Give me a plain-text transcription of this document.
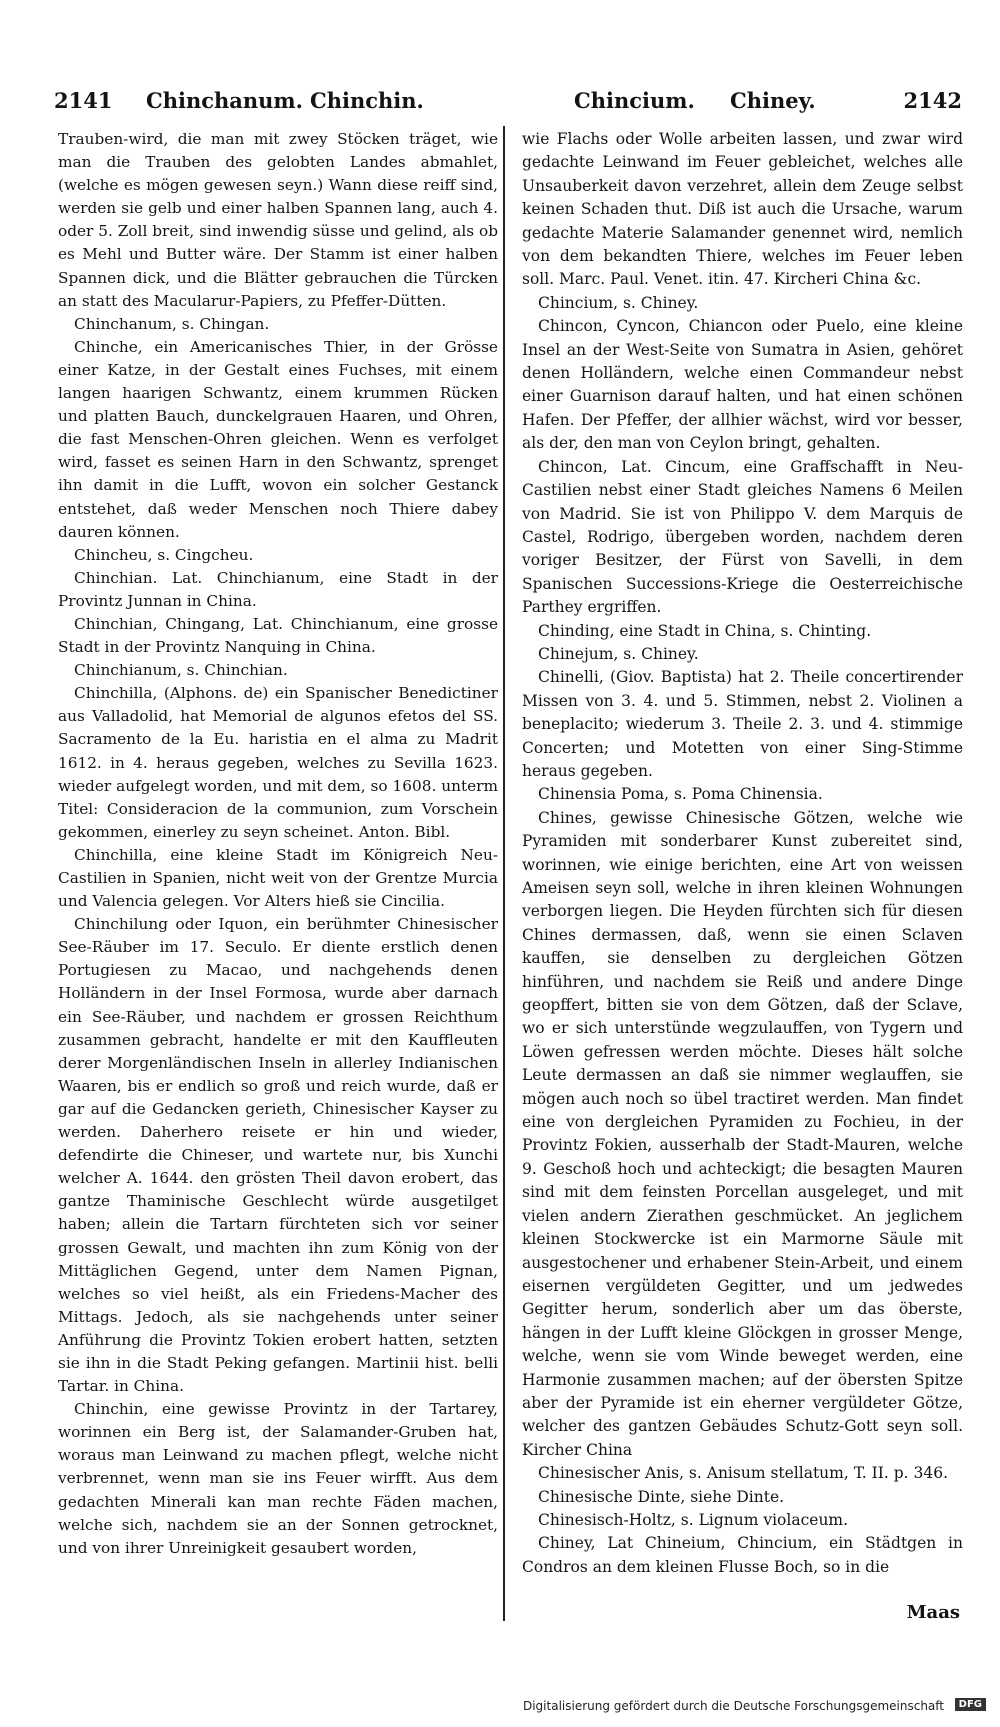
2141 Chinchanum. Chinchin.	Chincium. Chiney.	2142

Trauben-wird, die man mit zwey Stöcken träget, wie man die Trauben des gelobten Landes abmahlet, (welche es mögen gewesen seyn.) Wann diese reiff sind, werden sie gelb und einer halben Spannen lang, auch 4. oder 5. Zoll breit, sind inwendig süsse und gelind, als ob es Mehl und Butter wäre. Der Stamm ist einer halben Spannen dick, und die Blätter gebrauchen die Türcken an statt des Macularur-Papiers, zu Pfeffer-Dütten.

Chinchanum, s. Chingan.

Chinche, ein Americanisches Thier, in der Grösse einer Katze, in der Gestalt eines Fuchses, mit einem langen haarigen Schwantz, einem krummen Rücken und platten Bauch, dunckelgrauen Haaren, und Ohren, die fast Menschen-Ohren gleichen. Wenn es verfolget wird, fasset es seinen Harn in den Schwantz, sprenget ihn damit in die Lufft, wovon ein solcher Gestanck entstehet, daß weder Menschen noch Thiere dabey dauren können.

Chincheu, s. Cingcheu.

Chinchian. Lat. Chinchianum, eine Stadt in der Provintz Junnan in China.

Chinchian, Chingang, Lat. Chinchianum, eine grosse Stadt in der Provintz Nanquing in China.

Chinchianum, s. Chinchian.

Chinchilla, (Alphons. de) ein Spanischer Benedictiner aus Valladolid, hat Memorial de algunos efetos del SS. Sacramento de la Eu. haristia en el alma zu Madrit 1612. in 4. heraus gegeben, welches zu Sevilla 1623. wieder aufgelegt worden, und mit dem, so 1608. unterm Titel: Consideracion de la communion, zum Vorschein gekommen, einerley zu seyn scheinet. Anton. Bibl.

Chinchilla, eine kleine Stadt im Königreich Neu-Castilien in Spanien, nicht weit von der Grentze Murcia und Valencia gelegen. Vor Alters hieß sie Cincilia.

Chinchilung oder Iquon, ein berühmter Chinesischer See-Räuber im 17. Seculo. Er diente erstlich denen Portugiesen zu Macao, und nachgehends denen Holländern in der Insel Formosa, wurde aber darnach ein See-Räuber, und nachdem er grossen Reichthum zusammen gebracht, handelte er mit den Kauffleuten derer Morgenländischen Inseln in allerley Indianischen Waaren, bis er endlich so groß und reich wurde, daß er gar auf die Gedancken gerieth, Chinesischer Kayser zu werden. Daherhero reisete er hin und wieder, defendirte die Chineser, und wartete nur, bis Xunchi welcher A. 1644. den grösten Theil davon erobert, das gantze Thaminische Geschlecht würde ausgetilget haben; allein die Tartarn fürchteten sich vor seiner grossen Gewalt, und machten ihn zum König von der Mittäglichen Gegend, unter dem Namen Pignan, welches so viel heißt, als ein Friedens-Macher des Mittags. Jedoch, als sie nachgehends unter seiner Anführung die Provintz Tokien erobert hatten, setzten sie ihn in die Stadt Peking gefangen. Martinii hist. belli Tartar. in China.

Chinchin, eine gewisse Provintz in der Tartarey, worinnen ein Berg ist, der Salamander-Gruben hat, woraus man Leinwand zu machen pflegt, welche nicht verbrennet, wenn man sie ins Feuer wirfft. Aus dem gedachten Minerali kan man rechte Fäden machen, welche sich, nachdem sie an der Sonnen getrocknet, und von ihrer Unreinigkeit gesaubert worden,

wie Flachs oder Wolle arbeiten lassen, und zwar wird gedachte Leinwand im Feuer gebleichet, welches alle Unsauberkeit davon verzehret, allein dem Zeuge selbst keinen Schaden thut. Diß ist auch die Ursache, warum gedachte Materie Salamander genennet wird, nemlich von dem bekandten Thiere, welches im Feuer leben soll. Marc. Paul. Venet. itin. 47. Kircheri China &c.

Chincium, s. Chiney.

Chincon, Cyncon, Chiancon oder Puelo, eine kleine Insel an der West-Seite von Sumatra in Asien, gehöret denen Holländern, welche einen Commandeur nebst einer Guarnison darauf halten, und hat einen schönen Hafen. Der Pfeffer, der allhier wächst, wird vor besser, als der, den man von Ceylon bringt, gehalten.

Chincon, Lat. Cincum, eine Graffschafft in Neu-Castilien nebst einer Stadt gleiches Namens 6 Meilen von Madrid. Sie ist von Philippo V. dem Marquis de Castel, Rodrigo, übergeben worden, nachdem deren voriger Besitzer, der Fürst von Savelli, in dem Spanischen Successions-Kriege die Oesterreichische Parthey ergriffen.

Chinding, eine Stadt in China, s. Chinting.

Chinejum, s. Chiney.

Chinelli, (Giov. Baptista) hat 2. Theile concertirender Missen von 3. 4. und 5. Stimmen, nebst 2. Violinen a beneplacito; wiederum 3. Theile 2. 3. und 4. stimmige Concerten; und Motetten von einer Sing-Stimme heraus gegeben.

Chinensia Poma, s. Poma Chinensia.

Chines, gewisse Chinesische Götzen, welche wie Pyramiden mit sonderbarer Kunst zubereitet sind, worinnen, wie einige berichten, eine Art von weissen Ameisen seyn soll, welche in ihren kleinen Wohnungen verborgen liegen. Die Heyden fürchten sich für diesen Chines dermassen, daß, wenn sie einen Sclaven kauffen, sie denselben zu dergleichen Götzen hinführen, und nachdem sie Reiß und andere Dinge geopffert, bitten sie von dem Götzen, daß der Sclave, wo er sich unterstünde wegzulauffen, von Tygern und Löwen gefressen werden möchte. Dieses hält solche Leute dermassen an daß sie nimmer weglauffen, sie mögen auch noch so übel tractiret werden. Man findet eine von dergleichen Pyramiden zu Fochieu, in der Provintz Fokien, ausserhalb der Stadt-Mauren, welche 9. Geschoß hoch und achteckigt; die besagten Mauren sind mit dem feinsten Porcellan ausgeleget, und mit vielen andern Zierathen geschmücket. An jeglichem kleinen Stockwercke ist ein Marmorne Säule mit ausgestochener und erhabener Stein-Arbeit, und einem eisernen vergüldeten Gegitter, und um jedwedes Gegitter herum, sonderlich aber um das öberste, hängen in der Lufft kleine Glöckgen in grosser Menge, welche, wenn sie vom Winde beweget werden, eine Harmonie zusammen machen; auf der öbersten Spitze aber der Pyramide ist ein eherner vergüldeter Götze, welcher des gantzen Gebäudes Schutz-Gott seyn soll. Kircher China

Chinesischer Anis, s. Anisum stellatum, T. II. p. 346.

Chinesische Dinte, siehe Dinte.

Chinesisch-Holtz, s. Lignum violaceum.

Chiney, Lat Chineium, Chincium, ein Städtgen in Condros an dem kleinen Flusse Boch, so in die

Maas
Digitalisierung gefördert durch die Deutsche Forschungsgemeinschaft	DFG
